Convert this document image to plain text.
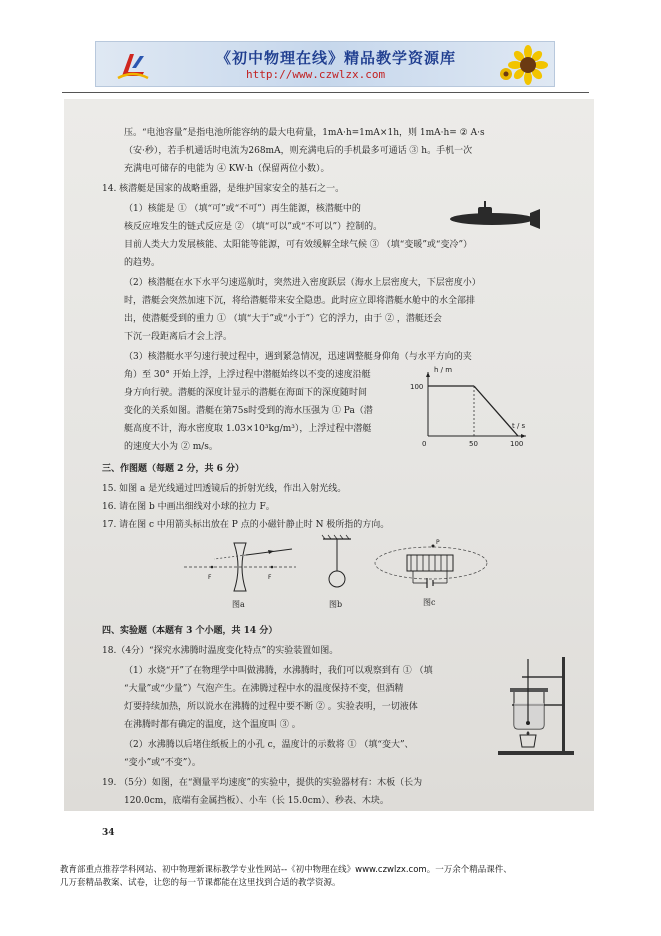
《初中物理在线》精品教学资源库
http://www.czwlzx.com
压。“电池容量”是指电池所能容纳的最大电荷量，1mA·h=1mA×1h，则 1mA·h= ② A·s
（安·秒），若手机通话时电流为268mA，则充满电后的手机最多可通话 ③ h。手机一次
充满电可储存的电能为 ④ KW·h（保留两位小数）。
14. 核潜艇是国家的战略重器，是维护国家安全的基石之一。
（1）核能是 ① （填“可”或“不可”）再生能源，核潜艇中的
核反应堆发生的链式反应是 ② （填“可以”或“不可以”）控制的。
目前人类大力发展核能、太阳能等能源，可有效缓解全球气候 ③ （填“变暖”或“变冷”）
的趋势。
（2）核潜艇在水下水平匀速巡航时，突然进入密度跃层（海水上层密度大，下层密度小）
时，潜艇会突然加速下沉，将给潜艇带来安全隐患。此时应立即将潜艇水舱中的水全部排
出，使潜艇受到的重力 ① （填“大于”或“小于”）它的浮力，由于 ② ，潜艇还会
下沉一段距离后才会上浮。
（3）核潜艇水平匀速行驶过程中，遇到紧急情况，迅速调整艇身仰角（与水平方向的夹
角）至 30° 开始上浮，上浮过程中潜艇始终以不变的速度沿艇
身方向行驶。潜艇的深度计显示的潜艇在海面下的深度随时间
变化的关系如图。潜艇在第75s时受到的海水压强为 ① Pa（潜
艇高度不计，海水密度取 1.03×10³kg/m³），上浮过程中潜艇
的速度大小为 ② m/s。
三、作图题（每题 2 分，共 6 分）
15. 如图 a 是光线通过凹透镜后的折射光线，作出入射光线。
16. 请在图 b 中画出细线对小球的拉力 F。
17. 请在图 c 中用箭头标出放在 P 点的小磁针静止时 N 极所指的方向。
四、实验题（本题有 3 个小题，共 14 分）
18.（4分）“探究水沸腾时温度变化特点”的实验装置如图。
（1）水烧“开”了在物理学中叫做沸腾，水沸腾时，我们可以观察到有 ① （填
“大量”或“少量”）气泡产生。在沸腾过程中水的温度保持不变，但酒精
灯要持续加热，所以说水在沸腾的过程中要不断 ② 。实验表明，一切液体
在沸腾时都有确定的温度，这个温度叫 ③ 。
（2）水沸腾以后堵住纸板上的小孔 c，温度计的示数将 ① （填“变大”、
“变小”或“不变”）。
19. （5分）如图，在“测量平均速度”的实验中，提供的实验器材有：木板（长为
120.0cm，底端有金属挡板）、小车（长 15.0cm）、秒表、木块。
h / m
t / s
100
0	50	100
F	F
图a	图b
P
图c
34
教育部重点推荐学科网站、初中物理新课标教学专业性网站--《初中物理在线》www.czwlzx.com。一万余个精品课件、
几万套精品教案、试卷，让您的每一节课都能在这里找到合适的教学资源。
